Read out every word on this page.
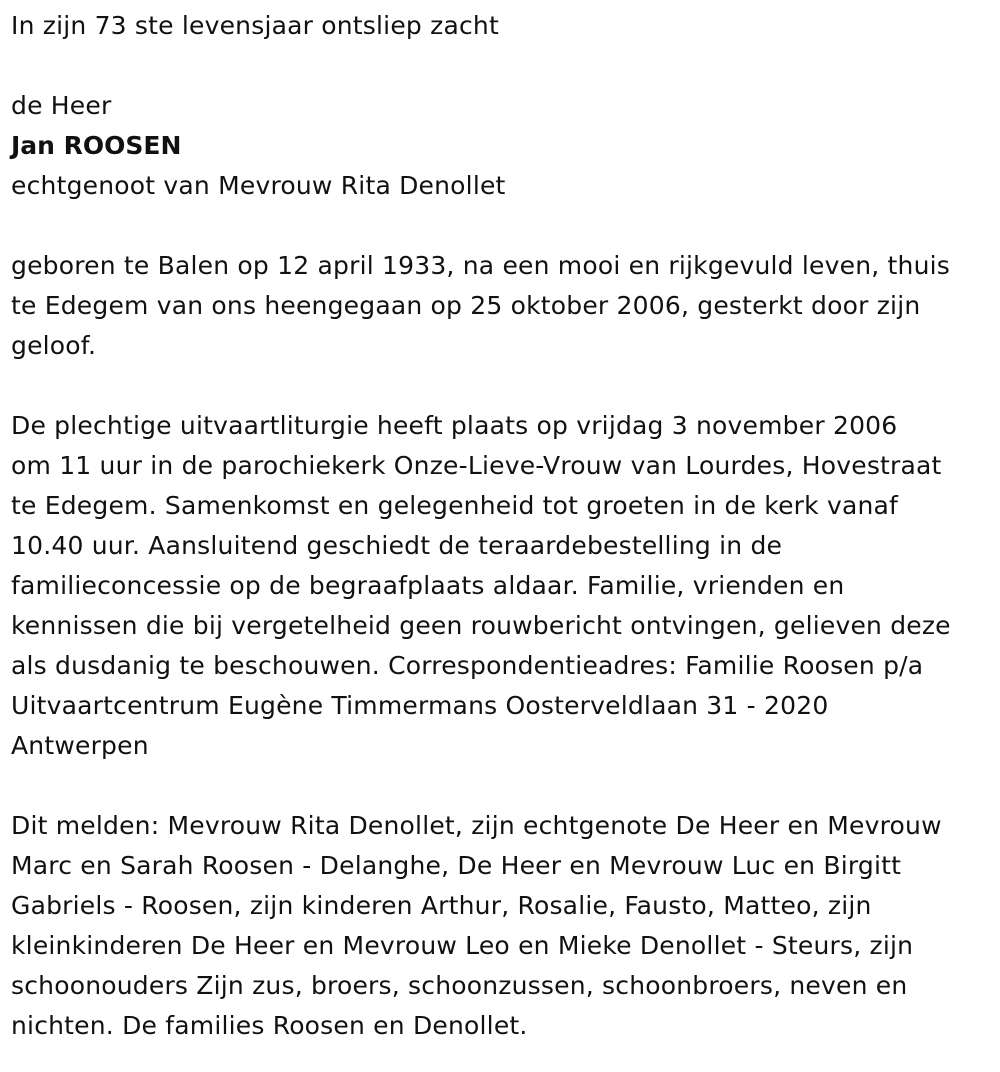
In zijn 73 ste levensjaar ontsliep zacht

de Heer

Jan ROOSEN

echtgenoot van Mevrouw Rita Denollet

geboren te Balen op 12 april 1933, na een mooi en rijkgevuld leven, thuis
te Edegem van ons heengegaan op 25 oktober 2006, gesterkt door zijn
geloof.

De plechtige uitvaartliturgie heeft plaats op vrijdag 3 november 2006
om 11 uur in de parochiekerk Onze-Lieve-Vrouw van Lourdes, Hovestraat
te Edegem. Samenkomst en gelegenheid tot groeten in de kerk vanaf
10.40 uur. Aansluitend geschiedt de teraardebestelling in de
familieconcessie op de begraafplaats aldaar. Familie, vrienden en
kennissen die bij vergetelheid geen rouwbericht ontvingen, gelieven deze
als dusdanig te beschouwen. Correspondentieadres: Familie Roosen p/a
Uitvaartcentrum Eugène Timmermans Oosterveldlaan 31 - 2020
Antwerpen

Dit melden: Mevrouw Rita Denollet, zijn echtgenote De Heer en Mevrouw
Marc en Sarah Roosen - Delanghe, De Heer en Mevrouw Luc en Birgitt
Gabriels - Roosen, zijn kinderen Arthur, Rosalie, Fausto, Matteo, zijn
kleinkinderen De Heer en Mevrouw Leo en Mieke Denollet - Steurs, zijn
schoonouders Zijn zus, broers, schoonzussen, schoonbroers, neven en
nichten. De families Roosen en Denollet.
